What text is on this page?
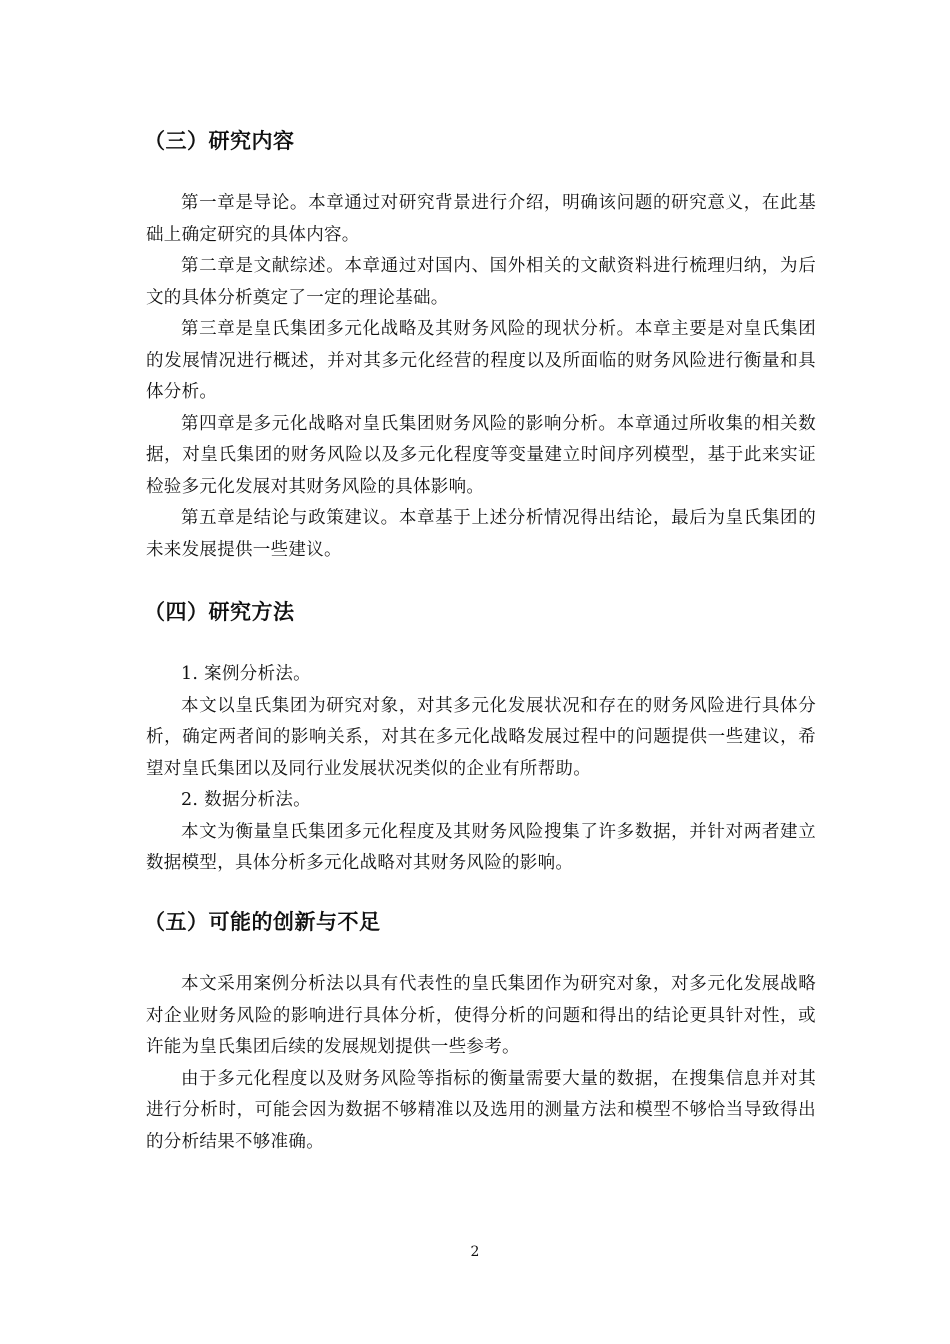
（三）研究内容

第一章是导论。本章通过对研究背景进行介绍，明确该问题的研究意义，在此基础上确定研究的具体内容。

第二章是文献综述。本章通过对国内、国外相关的文献资料进行梳理归纳，为后文的具体分析奠定了一定的理论基础。

第三章是皇氏集团多元化战略及其财务风险的现状分析。本章主要是对皇氏集团的发展情况进行概述，并对其多元化经营的程度以及所面临的财务风险进行衡量和具体分析。

第四章是多元化战略对皇氏集团财务风险的影响分析。本章通过所收集的相关数据，对皇氏集团的财务风险以及多元化程度等变量建立时间序列模型，基于此来实证检验多元化发展对其财务风险的具体影响。

第五章是结论与政策建议。本章基于上述分析情况得出结论，最后为皇氏集团的未来发展提供一些建议。

（四）研究方法

1. 案例分析法。

本文以皇氏集团为研究对象，对其多元化发展状况和存在的财务风险进行具体分析，确定两者间的影响关系，对其在多元化战略发展过程中的问题提供一些建议，希望对皇氏集团以及同行业发展状况类似的企业有所帮助。

2. 数据分析法。

本文为衡量皇氏集团多元化程度及其财务风险搜集了许多数据，并针对两者建立数据模型，具体分析多元化战略对其财务风险的影响。

（五）可能的创新与不足

本文采用案例分析法以具有代表性的皇氏集团作为研究对象，对多元化发展战略对企业财务风险的影响进行具体分析，使得分析的问题和得出的结论更具针对性，或许能为皇氏集团后续的发展规划提供一些参考。

由于多元化程度以及财务风险等指标的衡量需要大量的数据，在搜集信息并对其进行分析时，可能会因为数据不够精准以及选用的测量方法和模型不够恰当导致得出的分析结果不够准确。

2
